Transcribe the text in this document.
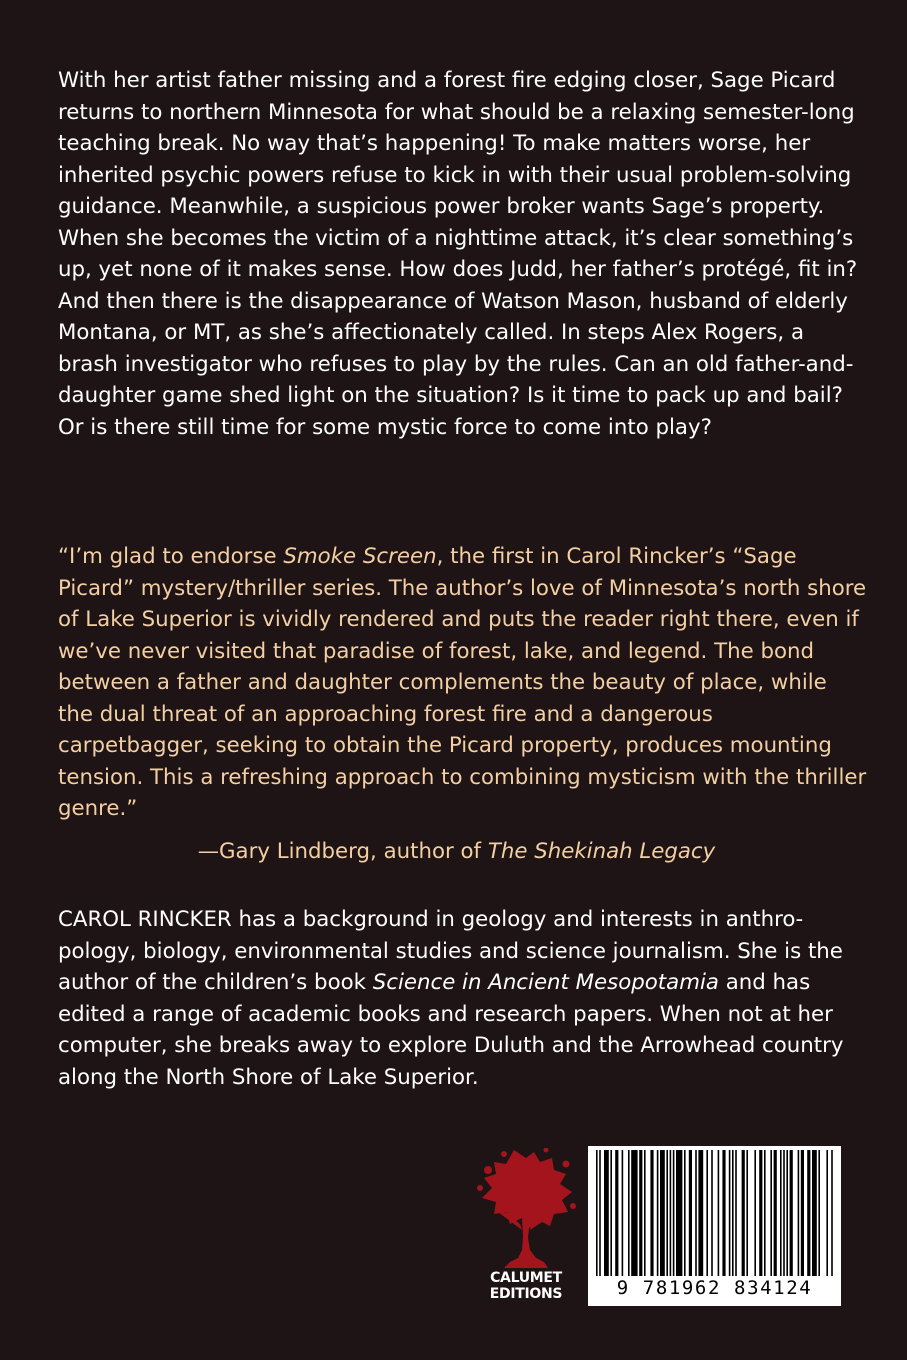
With her artist father missing and a forest fire edging closer, Sage Picard returns to northern Minnesota for what should be a relaxing semester-long teaching break. No way that’s happening! To make matters worse, her inherited psychic powers refuse to kick in with their usual problem-solving guidance. Meanwhile, a suspicious power broker wants Sage’s property. When she becomes the victim of a nighttime attack, it’s clear something’s up, yet none of it makes sense. How does Judd, her father’s protégé, fit in? And then there is the disappearance of Watson Mason, husband of elderly Montana, or MT, as she’s affectionately called. In steps Alex Rogers, a brash investigator who refuses to play by the rules. Can an old father-and-daughter game shed light on the situation? Is it time to pack up and bail? Or is there still time for some mystic force to come into play?

“I’m glad to endorse Smoke Screen, the first in Carol Rincker’s “Sage Picard” mystery/thriller series. The author’s love of Minnesota’s north shore of Lake Superior is vividly rendered and puts the reader right there, even if we’ve never visited that paradise of forest, lake, and legend. The bond between a father and daughter complements the beauty of place, while the dual threat of an approaching forest fire and a dangerous carpetbagger, seeking to obtain the Picard property, produces mounting tension. This a refreshing approach to combining mysticism with the thriller genre.”

—Gary Lindberg, author of The Shekinah Legacy

CAROL RINCKER has a background in geology and interests in anthropology, biology, environmental studies and science journalism. She is the author of the children’s book Science in Ancient Mesopotamia and has edited a range of academic books and research papers. When not at her computer, she breaks away to explore Duluth and the Arrowhead country along the North Shore of Lake Superior.

CALUMET
EDITIONS	9 781962 834124
